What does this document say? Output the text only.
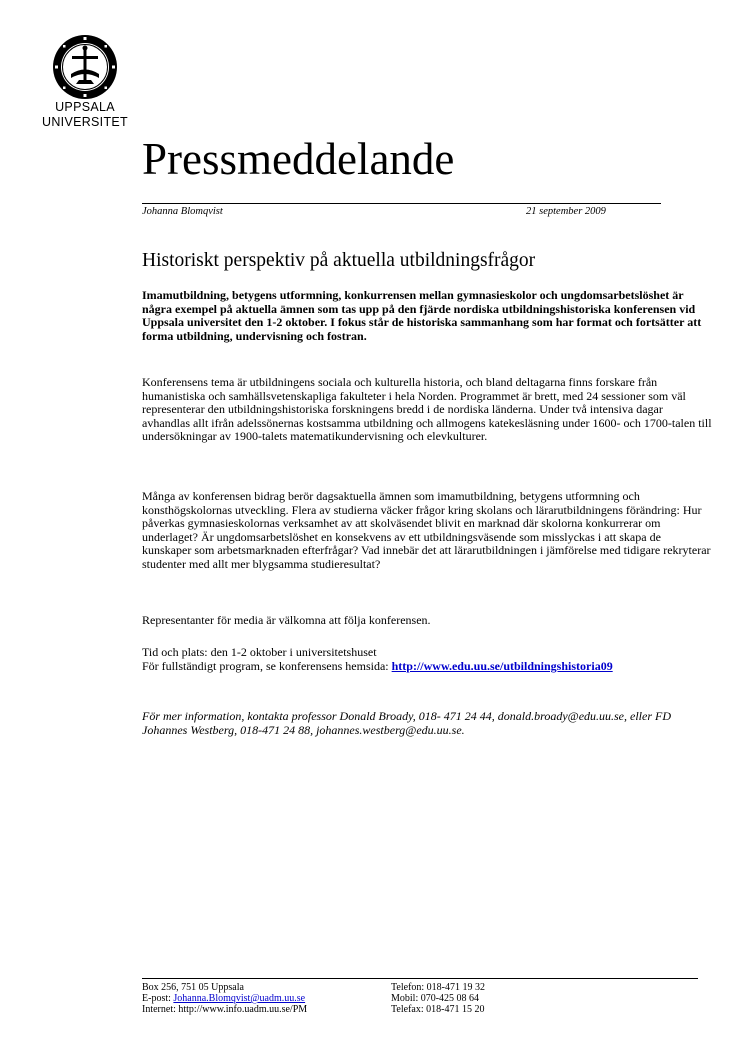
UPPSALA
UNIVERSITET
Pressmeddelande
Johanna Blomqvist	21 september 2009
Historiskt perspektiv på aktuella utbildningsfrågor

Imamutbildning, betygens utformning, konkurrensen mellan gymnasieskolor och ungdomsarbetslöshet är några exempel på aktuella ämnen som tas upp på den fjärde nordiska utbildningshistoriska konferensen vid Uppsala universitet den 1-2 oktober. I fokus står de historiska sammanhang som har format och fortsätter att forma utbildning, undervisning och fostran.

Konferensens tema är utbildningens sociala och kulturella historia, och bland deltagarna finns forskare från humanistiska och samhällsvetenskapliga fakulteter i hela Norden. Programmet är brett, med 24 sessioner som väl representerar den utbildningshistoriska forskningens bredd i de nordiska länderna. Under två intensiva dagar avhandlas allt ifrån adelssönernas kostsamma utbildning och allmogens katekesläsning under 1600- och 1700-talen till undersökningar av 1900-talets matematikundervisning och elevkulturer.

Många av konferensen bidrag berör dagsaktuella ämnen som imamutbildning, betygens utformning och konsthögskolornas utveckling. Flera av studierna väcker frågor kring skolans och lärarutbildningens förändring: Hur påverkas gymnasieskolornas verksamhet av att skolväsendet blivit en marknad där skolorna konkurrerar om underlaget? Är ungdomsarbetslöshet en konsekvens av ett utbildningsväsende som misslyckas i att skapa de kunskaper som arbetsmarknaden efterfrågar? Vad innebär det att lärarutbildningen i jämförelse med tidigare rekryterar studenter med allt mer blygsamma studieresultat?

Representanter för media är välkomna att följa konferensen.

Tid och plats: den 1-2 oktober i universitetshuset

För fullständigt program, se konferensens hemsida: http://www.edu.uu.se/utbildningshistoria09

För mer information, kontakta professor Donald Broady, 018- 471 24 44, donald.broady@edu.uu.se, eller FD Johannes Westberg, 018-471 24 88, johannes.westberg@edu.uu.se.

Box 256, 751 05 Uppsala
E-post: Johanna.Blomqvist@uadm.uu.se
Internet: http://www.info.uadm.uu.se/PM
Telefon: 018-471 19 32
Mobil: 070-425 08 64
Telefax: 018-471 15 20
